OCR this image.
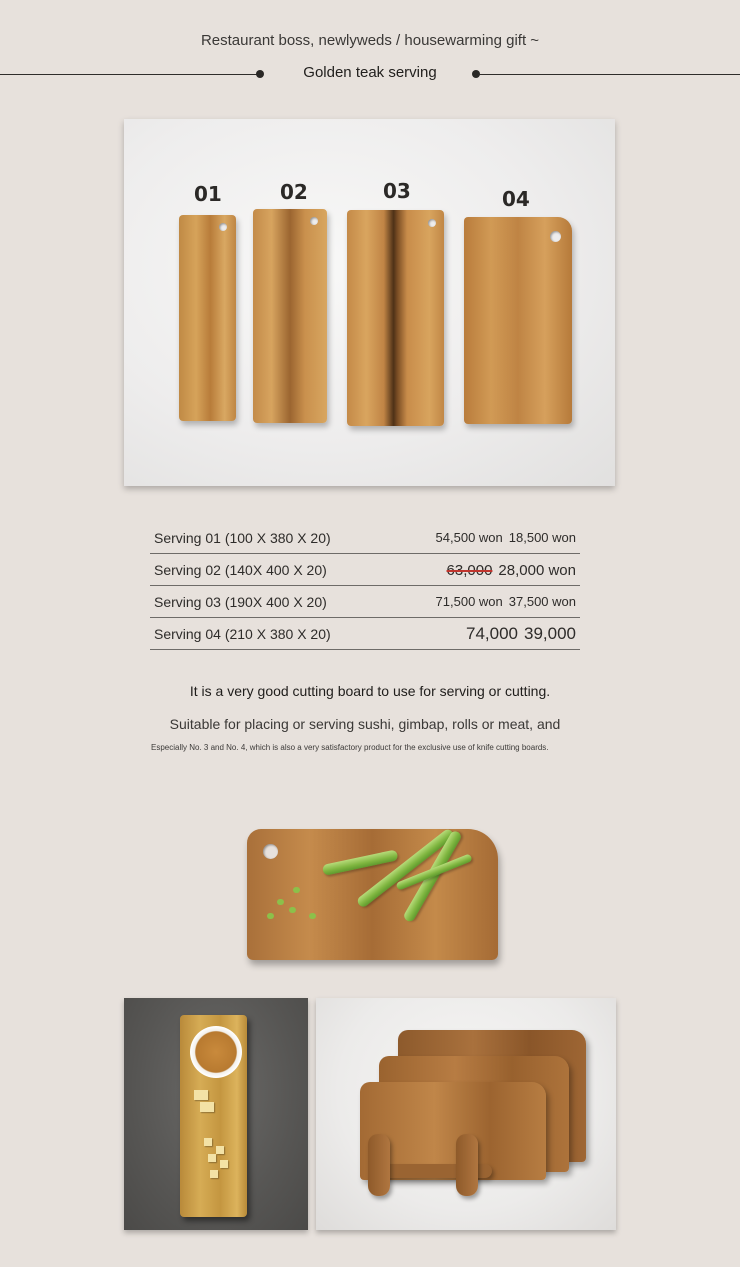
Restaurant boss, newlyweds / housewarming gift ~
Golden teak serving
01	02	03	04
Serving 01 (100 X 380 X 20)	54,500 won 18,500 won
Serving 02 (140X 400 X 20)	63,000 28,000 won
Serving 03 (190X 400 X 20)	71,500 won 37,500 won
Serving 04 (210 X 380 X 20)	74,000 39,000
It is a very good cutting board to use for serving or cutting.
Suitable for placing or serving sushi, gimbap, rolls or meat, and
Especially No. 3 and No. 4, which is also a very satisfactory product for the exclusive use of knife cutting boards.
